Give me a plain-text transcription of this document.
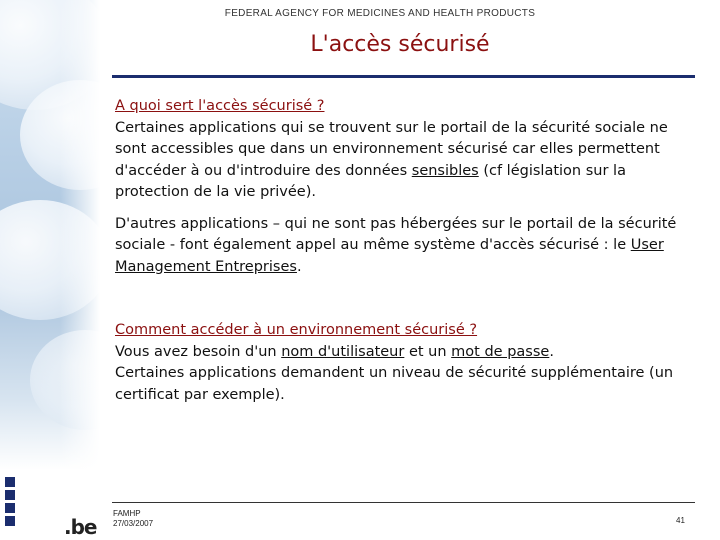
FEDERAL AGENCY FOR MEDICINES AND HEALTH PRODUCTS
L'accès sécurisé
A quoi sert l'accès sécurisé ?

Certaines applications qui se trouvent sur le portail de la sécurité sociale ne sont accessibles que dans un environnement sécurisé car elles permettent d'accéder à ou d'introduire des données sensibles (cf législation sur la protection de la vie privée).

D'autres applications – qui ne sont pas hébergées sur le portail de la sécurité sociale - font également appel au même système d'accès sécurisé : le User Management Entreprises.

Comment accéder à un environnement sécurisé ?
Vous avez besoin d'un nom d'utilisateur et un mot de passe.
Certaines applications demandent un niveau de sécurité supplémentaire (un certificat par exemple).
.be
FAMHP
27/03/2007	41
